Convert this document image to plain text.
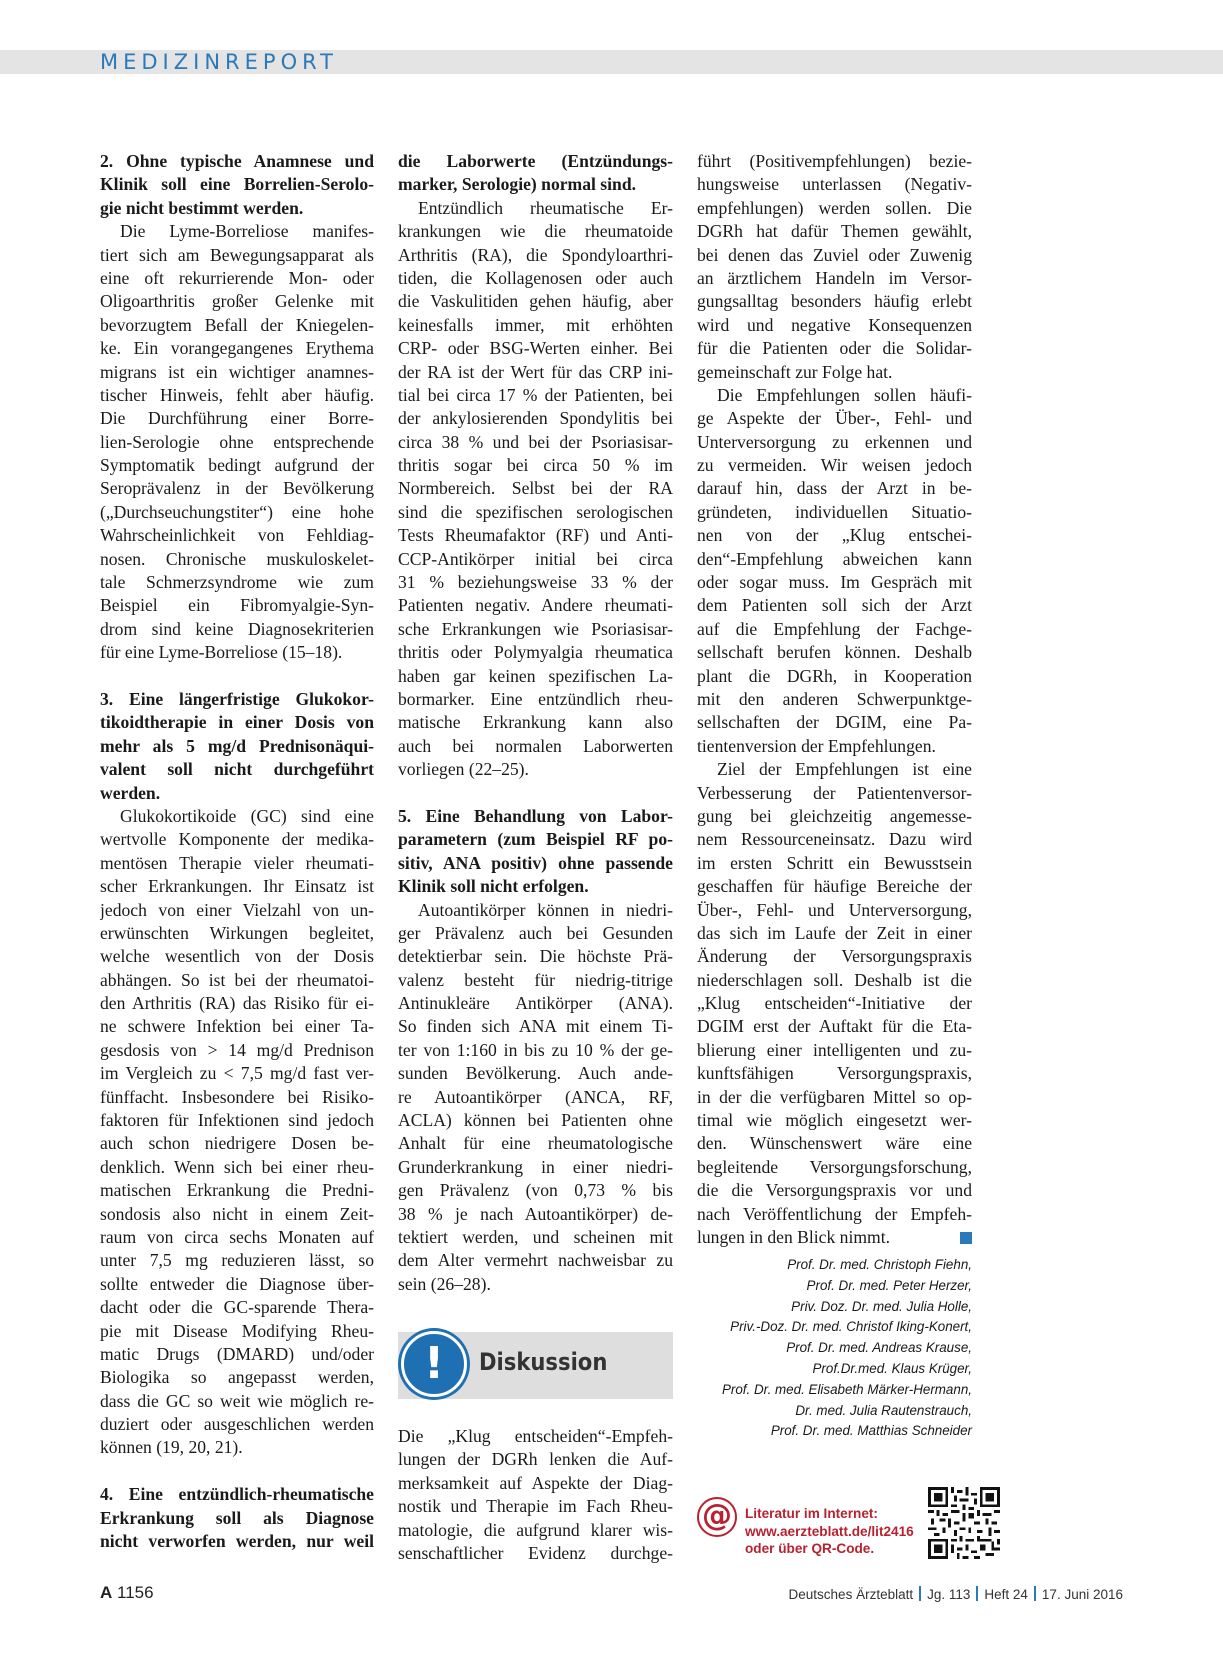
MEDIZINREPORT
2. Ohne typische Anamnese und
Klinik soll eine Borrelien-Serolo-
gie nicht bestimmt werden.
Die Lyme-Borreliose manifes-
tiert sich am Bewegungsapparat als
eine oft rekurrierende Mon- oder
Oligoarthritis großer Gelenke mit
bevorzugtem Befall der Kniegelen-
ke. Ein vorangegangenes Erythema
migrans ist ein wichtiger anamnes-
tischer Hinweis, fehlt aber häufig.
Die Durchführung einer Borre-
lien-Serologie ohne entsprechende
Symptomatik bedingt aufgrund der
Seroprävalenz in der Bevölkerung
(„Durchseuchungstiter“) eine hohe
Wahrscheinlichkeit von Fehldiag-
nosen. Chronische muskuloskelet-
tale Schmerzsyndrome wie zum
Beispiel ein Fibromyalgie-Syn-
drom sind keine Diagnosekriterien
für eine Lyme-Borreliose (15–18).
3. Eine längerfristige Glukokor-
tikoidtherapie in einer Dosis von
mehr als 5 mg/d Prednisonäqui-
valent soll nicht durchgeführt
werden.
Glukokortikoide (GC) sind eine
wertvolle Komponente der medika-
mentösen Therapie vieler rheumati-
scher Erkrankungen. Ihr Einsatz ist
jedoch von einer Vielzahl von un-
erwünschten Wirkungen begleitet,
welche wesentlich von der Dosis
abhängen. So ist bei der rheumatoi-
den Arthritis (RA) das Risiko für ei-
ne schwere Infektion bei einer Ta-
gesdosis von > 14 mg/d Prednison
im Vergleich zu < 7,5 mg/d fast ver-
fünffacht. Insbesondere bei Risiko-
faktoren für Infektionen sind jedoch
auch schon niedrigere Dosen be-
denklich. Wenn sich bei einer rheu-
matischen Erkrankung die Predni-
sondosis also nicht in einem Zeit-
raum von circa sechs Monaten auf
unter 7,5 mg reduzieren lässt, so
sollte entweder die Diagnose über-
dacht oder die GC-sparende Thera-
pie mit Disease Modifying Rheu-
matic Drugs (DMARD) und/oder
Biologika so angepasst werden,
dass die GC so weit wie möglich re-
duziert oder ausgeschlichen werden
können (19, 20, 21).
4. Eine entzündlich-rheumatische
Erkrankung soll als Diagnose
nicht verworfen werden, nur weil
die Laborwerte (Entzündungs-
marker, Serologie) normal sind.
Entzündlich rheumatische Er-
krankungen wie die rheumatoide
Arthritis (RA), die Spondyloarthri-
tiden, die Kollagenosen oder auch
die Vaskulitiden gehen häufig, aber
keinesfalls immer, mit erhöhten
CRP- oder BSG-Werten einher. Bei
der RA ist der Wert für das CRP ini-
tial bei circa 17 % der Patienten, bei
der ankylosierenden Spondylitis bei
circa 38 % und bei der Psoriasisar-
thritis sogar bei circa 50 % im
Normbereich. Selbst bei der RA
sind die spezifischen serologischen
Tests Rheumafaktor (RF) und Anti-
CCP-Antikörper initial bei circa
31 % beziehungsweise 33 % der
Patienten negativ. Andere rheumati-
sche Erkrankungen wie Psoriasisar-
thritis oder Polymyalgia rheumatica
haben gar keinen spezifischen La-
bormarker. Eine entzündlich rheu-
matische Erkrankung kann also
auch bei normalen Laborwerten
vorliegen (22–25).
5. Eine Behandlung von Labor-
parametern (zum Beispiel RF po-
sitiv, ANA positiv) ohne passende
Klinik soll nicht erfolgen.
Autoantikörper können in niedri-
ger Prävalenz auch bei Gesunden
detektierbar sein. Die höchste Prä-
valenz besteht für niedrig-titrige
Antinukleäre Antikörper (ANA).
So finden sich ANA mit einem Ti-
ter von 1:160 in bis zu 10 % der ge-
sunden Bevölkerung. Auch ande-
re Autoantikörper (ANCA, RF,
ACLA) können bei Patienten ohne
Anhalt für eine rheumatologische
Grunderkrankung in einer niedri-
gen Prävalenz (von 0,73 % bis
38 % je nach Autoantikörper) de-
tektiert werden, und scheinen mit
dem Alter vermehrt nachweisbar zu
sein (26–28).
Die „Klug entscheiden“-Empfeh-
lungen der DGRh lenken die Auf-
merksamkeit auf Aspekte der Diag-
nostik und Therapie im Fach Rheu-
matologie, die aufgrund klarer wis-
senschaftlicher Evidenz durchge-
führt (Positivempfehlungen) bezie-
hungsweise unterlassen (Negativ-
empfehlungen) werden sollen. Die
DGRh hat dafür Themen gewählt,
bei denen das Zuviel oder Zuwenig
an ärztlichem Handeln im Versor-
gungsalltag besonders häufig erlebt
wird und negative Konsequenzen
für die Patienten oder die Solidar-
gemeinschaft zur Folge hat.
Die Empfehlungen sollen häufi-
ge Aspekte der Über-, Fehl- und
Unterversorgung zu erkennen und
zu vermeiden. Wir weisen jedoch
darauf hin, dass der Arzt in be-
gründeten, individuellen Situatio-
nen von der „Klug entschei-
den“-Empfehlung abweichen kann
oder sogar muss. Im Gespräch mit
dem Patienten soll sich der Arzt
auf die Empfehlung der Fachge-
sellschaft berufen können. Deshalb
plant die DGRh, in Kooperation
mit den anderen Schwerpunktge-
sellschaften der DGIM, eine Pa-
tientenversion der Empfehlungen.
Ziel der Empfehlungen ist eine
Verbesserung der Patientenversor-
gung bei gleichzeitig angemesse-
nem Ressourceneinsatz. Dazu wird
im ersten Schritt ein Bewusstsein
geschaffen für häufige Bereiche der
Über-, Fehl- und Unterversorgung,
das sich im Laufe der Zeit in einer
Änderung der Versorgungspraxis
niederschlagen soll. Deshalb ist die
„Klug entscheiden“-Initiative der
DGIM erst der Auftakt für die Eta-
blierung einer intelligenten und zu-
kunftsfähigen Versorgungspraxis,
in der die verfügbaren Mittel so op-
timal wie möglich eingesetzt wer-
den. Wünschenswert wäre eine
begleitende Versorgungsforschung,
die die Versorgungspraxis vor und
nach Veröffentlichung der Empfeh-
lungen in den Blick nimmt.
!	Diskussion
Prof. Dr. med. Christoph Fiehn,
Prof. Dr. med. Peter Herzer,
Priv. Doz. Dr. med. Julia Holle,
Priv.-Doz. Dr. med. Christof Iking-Konert,
Prof. Dr. med. Andreas Krause,
Prof.Dr.med. Klaus Krüger,
Prof. Dr. med. Elisabeth Märker-Hermann,
Dr. med. Julia Rautenstrauch,
Prof. Dr. med. Matthias Schneider
@ Literatur im Internet:
www.aerzteblatt.de/lit2416
oder über QR-Code.
A 1156	Deutsches Ärzteblatt Jg. 113 Heft 24 17. Juni 2016
